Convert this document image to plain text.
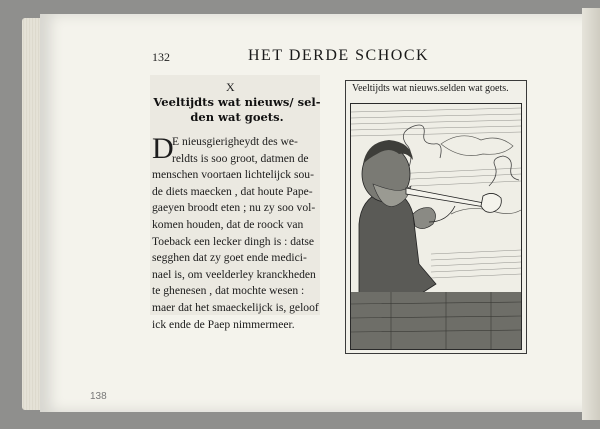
132	HET DERDE SCHOCK
X
Veeltijdts wat nieuws/ sel-
den wat goets.
D
E nieusgierigheydt des we-
reldts is soo groot, datmen de
menschen voortaen lichtelijck sou-
de diets maecken , dat houte Pape-
gaeyen broodt eten ; nu zy soo vol-
komen houden, dat de roock van
Toeback een lecker dingh is : datse
segghen dat zy goet ende medici-
nael is, om veelderley kranckheden
te ghenesen , dat mochte wesen :
maer dat het smaeckelijck is, geloof
ick ende de Paep nimmermeer.
Veeltijdts wat nieuws.selden wat goets.
138
